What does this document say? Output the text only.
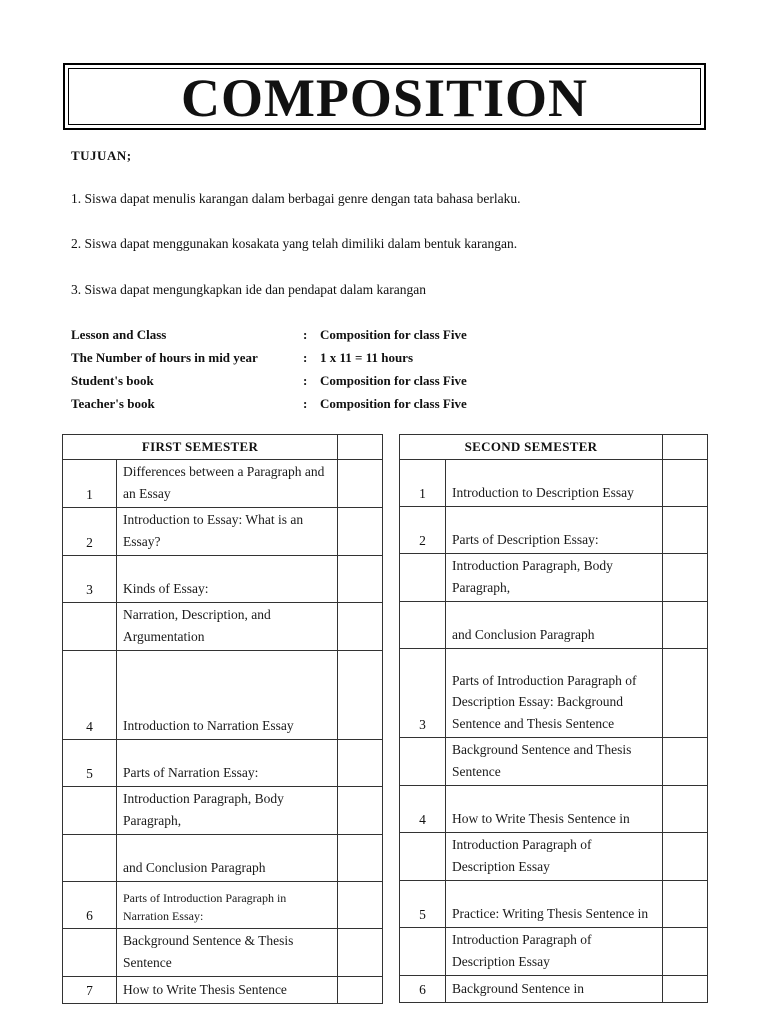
COMPOSITION
TUJUAN;
1. Siswa dapat menulis karangan dalam berbagai genre dengan tata bahasa berlaku.
2. Siswa dapat menggunakan kosakata yang telah dimiliki dalam bentuk karangan.
3. Siswa dapat mengungkapkan ide dan pendapat dalam karangan
Lesson and Class	: Composition for class Five
The Number of hours in mid year	: 1 x 11 = 11 hours
Student's book	: Composition for class Five
Teacher's book	: Composition for class Five
FIRST SEMESTER		
1	Differences between a Paragraph and an Essay	
2	Introduction to Essay: What is an Essay?	
3	Kinds of Essay:	
	Narration, Description, and Argumentation	
4	Introduction to Narration Essay	
5	Parts of Narration Essay:	
	Introduction Paragraph, Body Paragraph,	
	and Conclusion Paragraph	
6	Parts of Introduction Paragraph in Narration Essay:	
	Background Sentence & Thesis Sentence	
7	How to Write Thesis Sentence	
SECOND SEMESTER		
1	Introduction to Description Essay	
2	Parts of Description Essay:	
	Introduction Paragraph, Body Paragraph,	
	and Conclusion Paragraph	
3	Parts of Introduction Paragraph of Description Essay: Background Sentence and Thesis Sentence	
	Background Sentence and Thesis Sentence	
4	How to Write Thesis Sentence in	
	Introduction Paragraph of Description Essay	
5	Practice: Writing Thesis Sentence in	
	Introduction Paragraph of Description Essay	
6	Background Sentence in	
